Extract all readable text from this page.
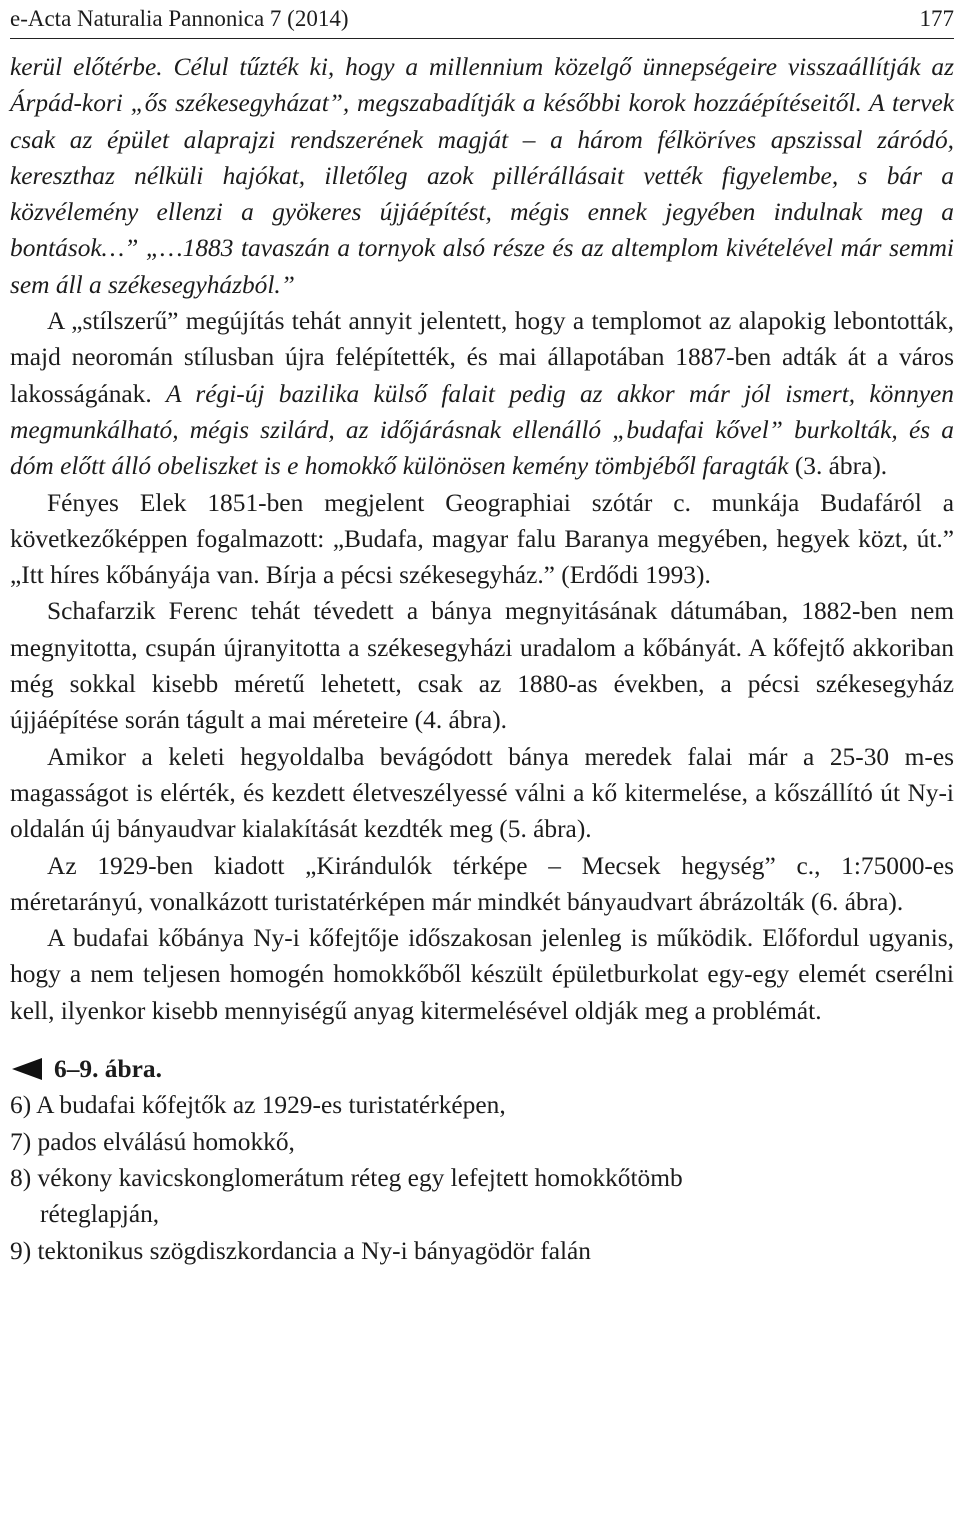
e-Acta Naturalia Pannonica 7 (2014)	177

kerül előtérbe. Célul tűzték ki, hogy a millennium közelgő ünnepségeire visszaállítják az Árpád-kori „ős székesegyházat”, megszabadítják a későbbi korok hozzáépítéseitől. A tervek csak az épület alaprajzi rendszerének magját – a három félköríves apszissal záródó, kereszthaz nélküli hajókat, illetőleg azok pillérállásait vették figyelembe, s bár a közvélemény ellenzi a gyökeres újjáépítést, mégis ennek jegyében indulnak meg a bontások…” „…1883 tavaszán a tornyok alsó része és az altemplom kivételével már semmi sem áll a székesegyházból.”

A „stílszerű” megújítás tehát annyit jelentett, hogy a templomot az alapokig lebontották, majd neoromán stílusban újra felépítették, és mai állapotában 1887-ben adták át a város lakosságának. A régi-új bazilika külső falait pedig az akkor már jól ismert, könnyen megmunkálható, mégis szilárd, az időjárásnak ellenálló „budafai kővel” burkolták, és a dóm előtt álló obeliszket is e homokkő különösen kemény tömbjéből faragták (3. ábra).

Fényes Elek 1851-ben megjelent Geographiai szótár c. munkája Budafáról a következőképpen fogalmazott: „Budafa, magyar falu Baranya megyében, hegyek közt, út.” „Itt híres kőbányája van. Bírja a pécsi székesegyház.” (Erdődi 1993).

Schafarzik Ferenc tehát tévedett a bánya megnyitásának dátumában, 1882-ben nem megnyitotta, csupán újranyitotta a székesegyházi uradalom a kőbányát. A kőfejtő akkoriban még sokkal kisebb méretű lehetett, csak az 1880-as években, a pécsi székesegyház újjáépítése során tágult a mai méreteire (4. ábra).

Amikor a keleti hegyoldalba bevágódott bánya meredek falai már a 25-30 m-es magasságot is elérték, és kezdett életveszélyessé válni a kő kitermelése, a kőszállító út Ny-i oldalán új bányaudvar kialakítását kezdték meg (5. ábra).

Az 1929-ben kiadott „Kirándulók térképe – Mecsek hegység” c., 1:75000-es méretarányú, vonalkázott turistatérképen már mindkét bányaudvart ábrázolták (6. ábra).

A budafai kőbánya Ny-i kőfejtője időszakosan jelenleg is működik. Előfordul ugyanis, hogy a nem teljesen homogén homokkőből készült épületburkolat egy-egy elemét cserélni kell, ilyenkor kisebb mennyiségű anyag kitermelésével oldják meg a problémát.

6–9. ábra.
6) A budafai kőfejtők az 1929-es turistatérképen,
7) pados elválású homokkő,
8) vékony kavicskonglomerátum réteg egy lefejtett homokkőtömb
réteglapján,
9) tektonikus szögdiszkordancia a Ny-i bányagödör falán
